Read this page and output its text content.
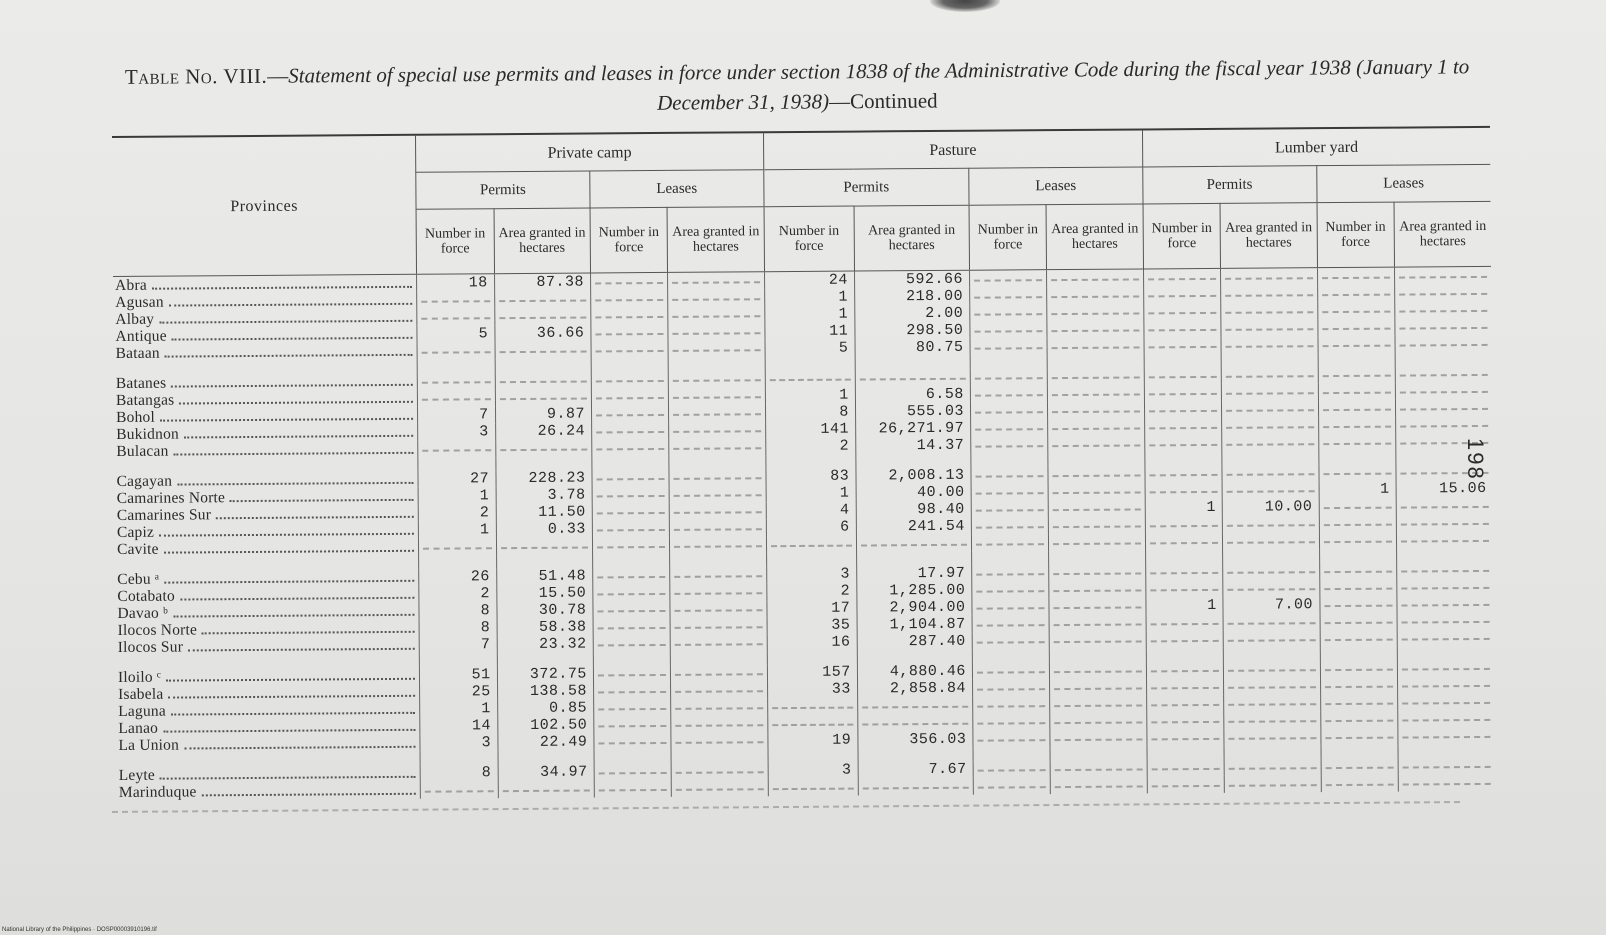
Table No. VIII.—Statement of special use permits and leases in force under section 1838 of the Administrative Code during the fiscal year 1938 (January 1 to December 31, 1938)—Continued
Provinces	Private camp				Pasture				Lumber yard			
	Permits		Leases		Permits		Leases		Permits		Leases	
	Number in force	Area granted in hectares	Number in force	Area granted in hectares	Number in force	Area granted in hectares	Number in force	Area granted in hectares	Number in force	Area granted in hectares	Number in force	Area granted in hectares
Abra	18	87.38			24	592.66	

Agusan					1	218.00	

Albay					1	2.00	

Antique	5	36.66			11	298.50	

Bataan					5	80.75	

Batanes

Batangas					1	6.58	

Bohol	7	9.87			8	555.03	

Bukidnon	3	26.24			141	26,271.97	

Bulacan					2	14.37	

Cagayan	27	228.23			83	2,008.13	

Camarines Norte	1	3.78			1	40.00					1	15.06
Camarines Sur	2	11.50			4	98.40			1	10.00	

Capiz	1	0.33			6	241.54	

Cavite

Cebu ᵃ	26	51.48			3	17.97	

Cotabato	2	15.50			2	1,285.00	

Davao ᵇ	8	30.78			17	2,904.00			1	7.00	

Ilocos Norte	8	58.38			35	1,104.87	

Ilocos Sur	7	23.32			16	287.40	

Iloilo ᶜ	51	372.75			157	4,880.46	

Isabela	25	138.58			33	2,858.84	

Laguna	1	0.85	

Lanao	14	102.50	

La Union	3	22.49			19	356.03	

Leyte	8	34.97			3	7.67	

Marinduque

198
National Library of the Philippines · DOSP00003910196.tif
